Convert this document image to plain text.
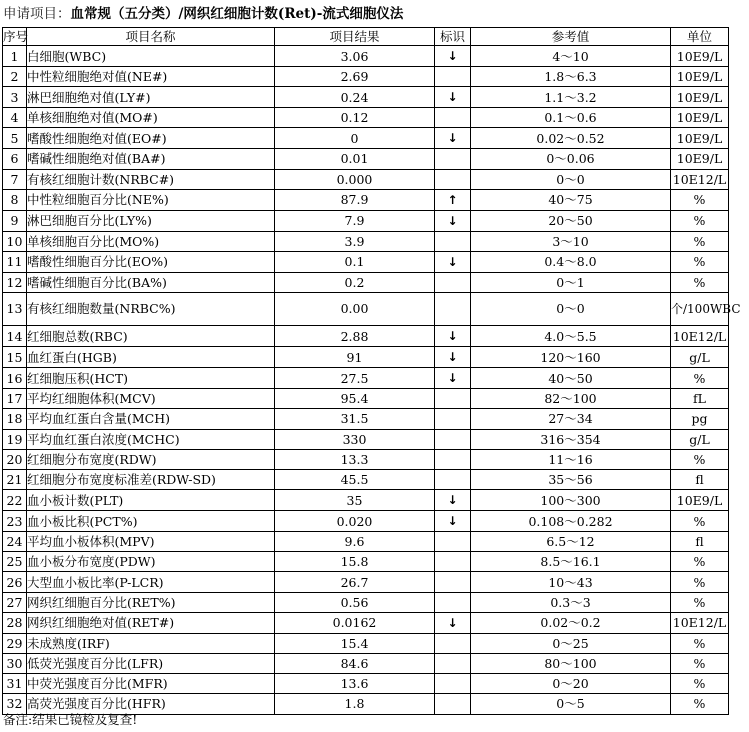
申请项目：血常规（五分类）/网织红细胞计数(Ret)-流式细胞仪法
序号	项目名称	项目结果	标识	参考值	单位
1	白细胞(WBC)	3.06	↓	4～10	10E9/L
2	中性粒细胞绝对值(NE#)	2.69		1.8～6.3	10E9/L
3	淋巴细胞绝对值(LY#)	0.24	↓	1.1～3.2	10E9/L
4	单核细胞绝对值(MO#)	0.12		0.1～0.6	10E9/L
5	嗜酸性细胞绝对值(EO#)	0	↓	0.02～0.52	10E9/L
6	嗜碱性细胞绝对值(BA#)	0.01		0～0.06	10E9/L
7	有核红细胞计数(NRBC#)	0.000		0～0	10E12/L
8	中性粒细胞百分比(NE%)	87.9	↑	40～75	%
9	淋巴细胞百分比(LY%)	7.9	↓	20～50	%
10	单核细胞百分比(MO%)	3.9		3～10	%
11	嗜酸性细胞百分比(EO%)	0.1	↓	0.4～8.0	%
12	嗜碱性细胞百分比(BA%)	0.2		0～1	%
13	有核红细胞数量(NRBC%)	0.00		0～0	个/100WBC
14	红细胞总数(RBC)	2.88	↓	4.0～5.5	10E12/L
15	血红蛋白(HGB)	91	↓	120～160	g/L
16	红细胞压积(HCT)	27.5	↓	40～50	%
17	平均红细胞体积(MCV)	95.4		82～100	fL
18	平均血红蛋白含量(MCH)	31.5		27～34	pg
19	平均血红蛋白浓度(MCHC)	330		316～354	g/L
20	红细胞分布宽度(RDW)	13.3		11～16	%
21	红细胞分布宽度标准差(RDW-SD)	45.5		35～56	fl
22	血小板计数(PLT)	35	↓	100～300	10E9/L
23	血小板比积(PCT%)	0.020	↓	0.108～0.282	%
24	平均血小板体积(MPV)	9.6		6.5～12	fl
25	血小板分布宽度(PDW)	15.8		8.5～16.1	%
26	大型血小板比率(P-LCR)	26.7		10～43	%
27	网织红细胞百分比(RET%)	0.56		0.3～3	%
28	网织红细胞绝对值(RET#)	0.0162	↓	0.02～0.2	10E12/L
29	未成熟度(IRF)	15.4		0～25	%
30	低荧光强度百分比(LFR)	84.6		80～100	%
31	中荧光强度百分比(MFR)	13.6		0～20	%
32	高荧光强度百分比(HFR)	1.8		0～5	%
备注:结果已镜检及复查!
